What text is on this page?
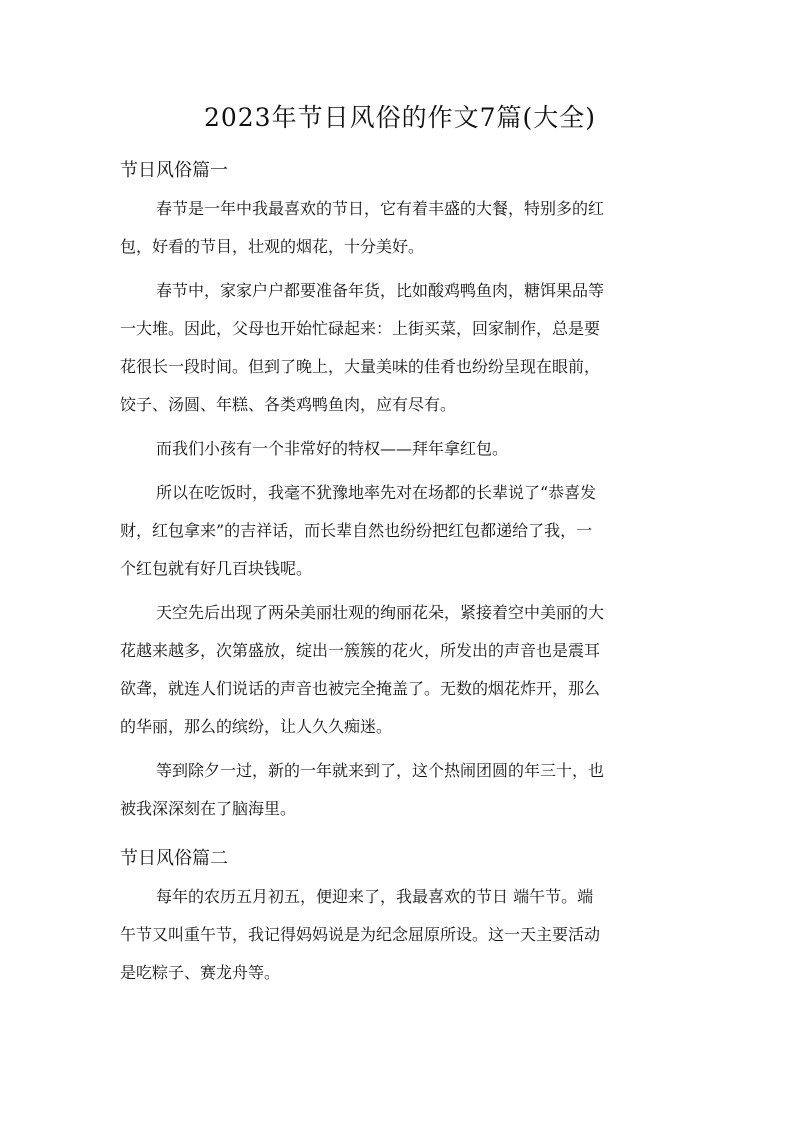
2023年节日风俗的作文7篇(大全)
节日风俗篇一
春节是一年中我最喜欢的节日，它有着丰盛的大餐，特别多的红
包，好看的节目，壮观的烟花，十分美好。
春节中，家家户户都要准备年货，比如酸鸡鸭鱼肉，糖饵果品等
一大堆。因此，父母也开始忙碌起来：上街买菜，回家制作，总是要
花很长一段时间。但到了晚上，大量美味的佳肴也纷纷呈现在眼前，
饺子、汤圆、年糕、各类鸡鸭鱼肉，应有尽有。
而我们小孩有一个非常好的特权——拜年拿红包。
所以在吃饭时，我毫不犹豫地率先对在场都的长辈说了“恭喜发
财，红包拿来”的吉祥话，而长辈自然也纷纷把红包都递给了我，一
个红包就有好几百块钱呢。
天空先后出现了两朵美丽壮观的绚丽花朵，紧接着空中美丽的大
花越来越多，次第盛放，绽出一簇簇的花火，所发出的声音也是震耳
欲聋，就连人们说话的声音也被完全掩盖了。无数的烟花炸开，那么
的华丽，那么的缤纷，让人久久痴迷。
等到除夕一过，新的一年就来到了，这个热闹团圆的年三十，也
被我深深刻在了脑海里。
节日风俗篇二
每年的农历五月初五，便迎来了，我最喜欢的节日 端午节。端
午节又叫重午节，我记得妈妈说是为纪念屈原所设。这一天主要活动
是吃粽子、赛龙舟等。
